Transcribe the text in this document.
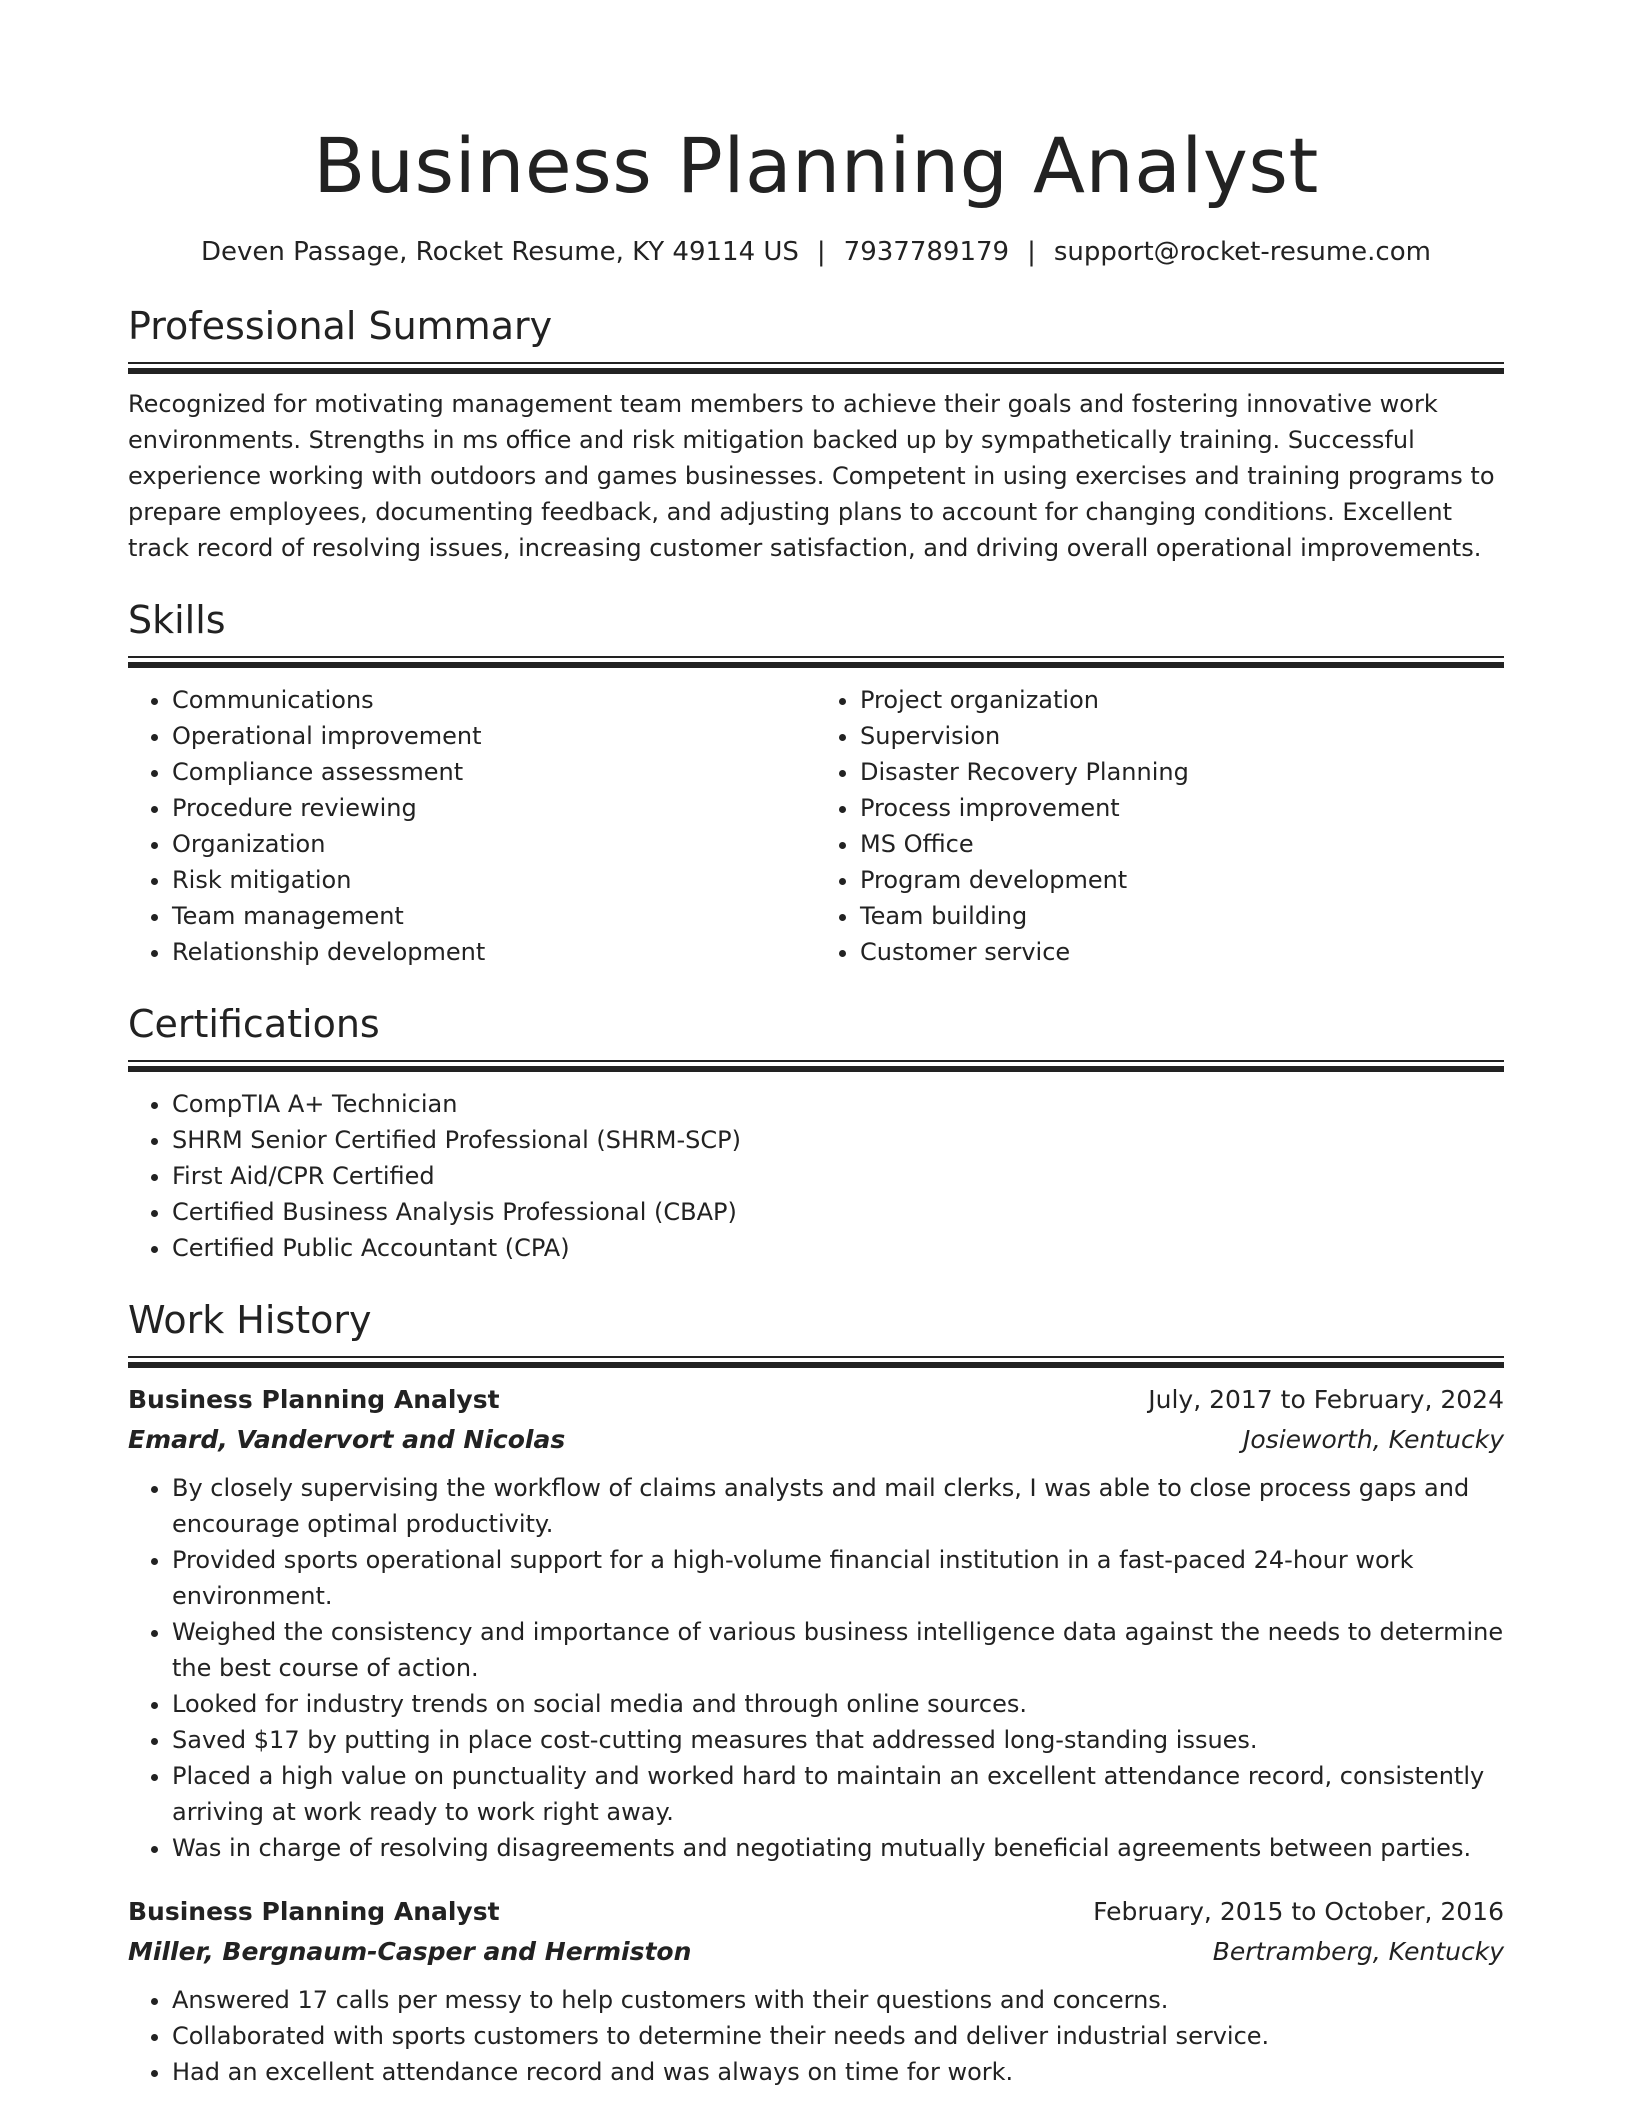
Business Planning Analyst
Deven Passage, Rocket Resume, KY 49114 US | 7937789179 | support@rocket-resume.com
Professional Summary
Recognized for motivating management team members to achieve their goals and fostering innovative work environments. Strengths in ms office and risk mitigation backed up by sympathetically training. Successful experience working with outdoors and games businesses. Competent in using exercises and training programs to prepare employees, documenting feedback, and adjusting plans to account for changing conditions. Excellent track record of resolving issues, increasing customer satisfaction, and driving overall operational improvements.
Skills
• Communications
• Operational improvement
• Compliance assessment
• Procedure reviewing
• Organization
• Risk mitigation
• Team management
• Relationship development
• Project organization
• Supervision
• Disaster Recovery Planning
• Process improvement
• MS Office
• Program development
• Team building
• Customer service
Certifications
• CompTIA A+ Technician
• SHRM Senior Certified Professional (SHRM-SCP)
• First Aid/CPR Certified
• Certified Business Analysis Professional (CBAP)
• Certified Public Accountant (CPA)
Work History
Business Planning Analyst	July, 2017 to February, 2024
Emard, Vandervort and Nicolas	Josieworth, Kentucky
• By closely supervising the workflow of claims analysts and mail clerks, I was able to close process gaps and encourage optimal productivity.
• Provided sports operational support for a high-volume financial institution in a fast-paced 24-hour work environment.
• Weighed the consistency and importance of various business intelligence data against the needs to determine the best course of action.
• Looked for industry trends on social media and through online sources.
• Saved $17 by putting in place cost-cutting measures that addressed long-standing issues.
• Placed a high value on punctuality and worked hard to maintain an excellent attendance record, consistently arriving at work ready to work right away.
• Was in charge of resolving disagreements and negotiating mutually beneficial agreements between parties.
Business Planning Analyst	February, 2015 to October, 2016
Miller, Bergnaum-Casper and Hermiston	Bertramberg, Kentucky
• Answered 17 calls per messy to help customers with their questions and concerns.
• Collaborated with sports customers to determine their needs and deliver industrial service.
• Had an excellent attendance record and was always on time for work.
